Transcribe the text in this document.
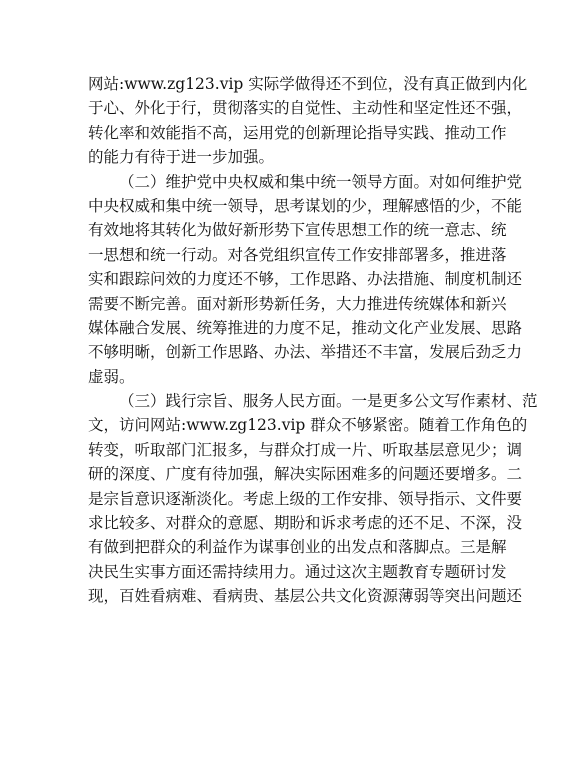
网站:www.zg123.vip 实际学做得还不到位，没有真正做到内化
于心、外化于行，贯彻落实的自觉性、主动性和坚定性还不强，
转化率和效能指不高，运用党的创新理论指导实践、推动工作
的能力有待于进一步加强。
（二）维护党中央权威和集中统一领导方面。对如何维护党
中央权威和集中统一领导，思考谋划的少，理解感悟的少，不能
有效地将其转化为做好新形势下宣传思想工作的统一意志、统
一思想和统一行动。对各党组织宣传工作安排部署多，推进落
实和跟踪问效的力度还不够，工作思路、办法措施、制度机制还
需要不断完善。面对新形势新任务，大力推进传统媒体和新兴
媒体融合发展、统筹推进的力度不足，推动文化产业发展、思路
不够明晰，创新工作思路、办法、举措还不丰富，发展后劲乏力
虚弱。
（三）践行宗旨、服务人民方面。一是更多公文写作素材、范
文，访问网站:www.zg123.vip 群众不够紧密。随着工作角色的
转变，听取部门汇报多，与群众打成一片、听取基层意见少；调
研的深度、广度有待加强，解决实际困难多的问题还要增多。二
是宗旨意识逐渐淡化。考虑上级的工作安排、领导指示、文件要
求比较多、对群众的意愿、期盼和诉求考虑的还不足、不深，没
有做到把群众的利益作为谋事创业的出发点和落脚点。三是解
决民生实事方面还需持续用力。通过这次主题教育专题研讨发
现，百姓看病难、看病贵、基层公共文化资源薄弱等突出问题还
